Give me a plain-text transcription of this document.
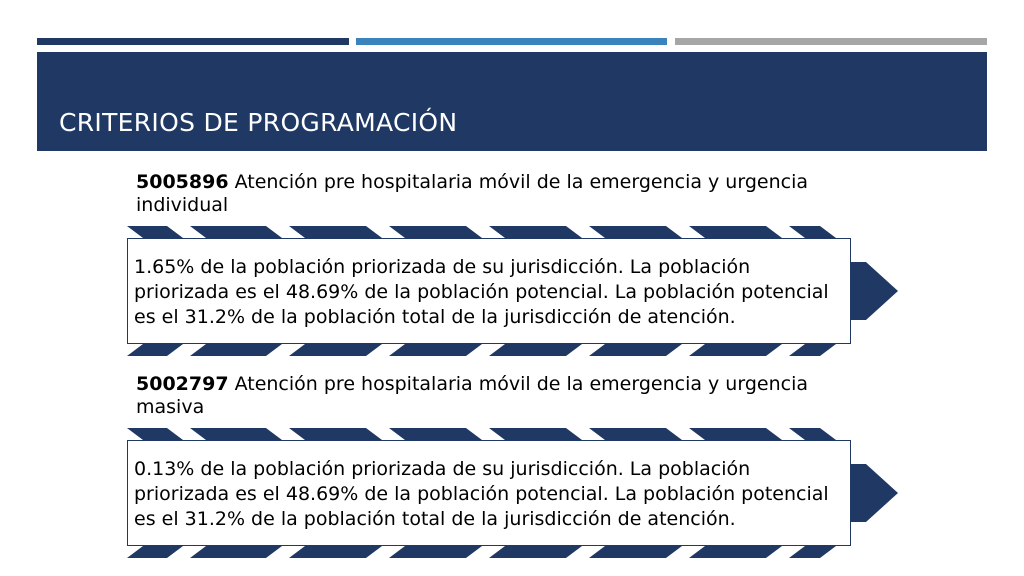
CRITERIOS DE PROGRAMACIÓN

5005896 Atención pre hospitalaria móvil de la emergencia y urgencia individual

1.65% de la población priorizada de su jurisdicción. La población priorizada es el 48.69% de la población potencial. La población potencial es el 31.2% de la población total de la jurisdicción de atención.

5002797 Atención pre hospitalaria móvil de la emergencia y urgencia masiva

0.13% de la población priorizada de su jurisdicción. La población priorizada es el 48.69% de la población potencial. La población potencial es el 31.2% de la población total de la jurisdicción de atención.
